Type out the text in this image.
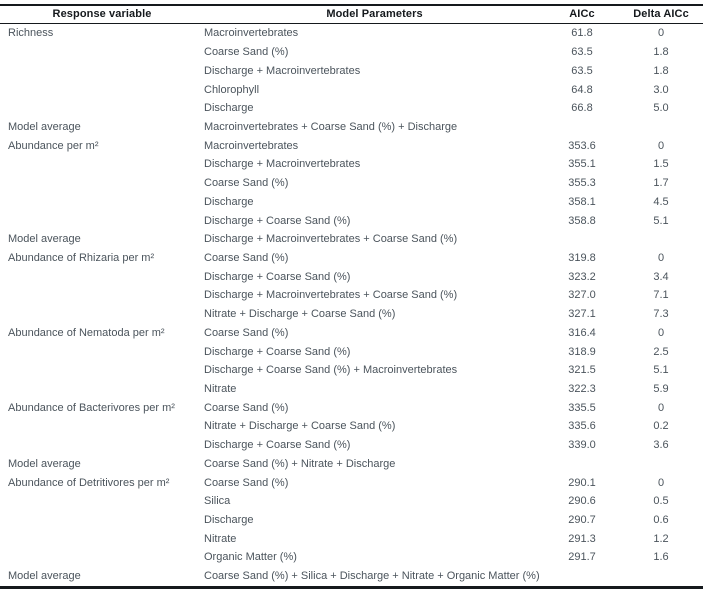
Response variable	Model Parameters	AICc	Delta AICc
Richness	Macroinvertebrates	61.8	0
	Coarse Sand (%)	63.5	1.8
	Discharge + Macroinvertebrates	63.5	1.8
	Chlorophyll	64.8	3.0
	Discharge	66.8	5.0
Model average	Macroinvertebrates + Coarse Sand (%) + Discharge		
Abundance per m²	Macroinvertebrates	353.6	0
	Discharge + Macroinvertebrates	355.1	1.5
	Coarse Sand (%)	355.3	1.7
	Discharge	358.1	4.5
	Discharge + Coarse Sand (%)	358.8	5.1
Model average	Discharge + Macroinvertebrates + Coarse Sand (%)		
Abundance of Rhizaria per m²	Coarse Sand (%)	319.8	0
	Discharge + Coarse Sand (%)	323.2	3.4
	Discharge + Macroinvertebrates + Coarse Sand (%)	327.0	7.1
	Nitrate + Discharge + Coarse Sand (%)	327.1	7.3
Abundance of Nematoda per m²	Coarse Sand (%)	316.4	0
	Discharge + Coarse Sand (%)	318.9	2.5
	Discharge + Coarse Sand (%) + Macroinvertebrates	321.5	5.1
	Nitrate	322.3	5.9
Abundance of Bacterivores per m²	Coarse Sand (%)	335.5	0
	Nitrate + Discharge + Coarse Sand (%)	335.6	0.2
	Discharge + Coarse Sand (%)	339.0	3.6
Model average	Coarse Sand (%) + Nitrate + Discharge		
Abundance of Detritivores per m²	Coarse Sand (%)	290.1	0
	Silica	290.6	0.5
	Discharge	290.7	0.6
	Nitrate	291.3	1.2
	Organic Matter (%)	291.7	1.6
Model average	Coarse Sand (%) + Silica + Discharge + Nitrate + Organic Matter (%)		
